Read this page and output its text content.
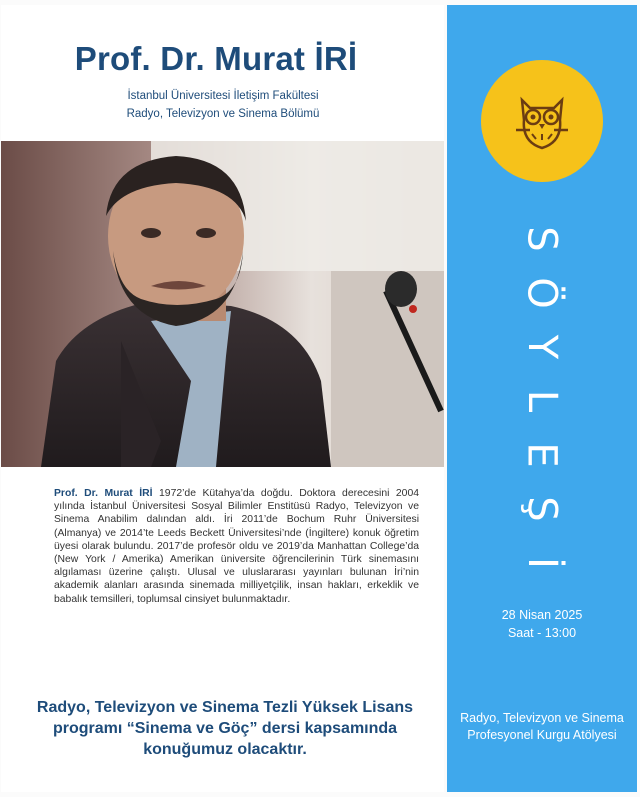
Prof. Dr. Murat İRİ
İstanbul Üniversitesi İletişim Fakültesi
Radyo, Televizyon ve Sinema Bölümü
Prof. Dr. Murat İRİ 1972’de Kütahya’da doğdu. Doktora derecesini 2004 yılında İstanbul Üniversitesi Sosyal Bilimler Enstitüsü Radyo, Televizyon ve Sinema Anabilim dalından aldı. İri 2011’de Bochum Ruhr Üniversitesi (Almanya) ve 2014’te Leeds Beckett Üniversitesi’nde (İngiltere) konuk öğretim üyesi olarak bulundu. 2017’de profesör oldu ve 2019’da Manhattan College’da (New York / Amerika) Amerikan üniversite öğrencilerinin Türk sinemasını algılaması üzerine çalıştı. Ulusal ve uluslararası yayınları bulunan İri’nin akademik alanları arasında sinemada milliyetçilik, insan hakları, erkeklik ve babalık temsilleri, toplumsal cinsiyet bulunmaktadır.
Radyo, Televizyon ve Sinema Tezli Yüksek Lisans programı “Sinema ve Göç” dersi kapsamında konuğumuz olacaktır.
S
Ö
Y
L
E
Ş
İ
28 Nisan 2025
Saat - 13:00
Radyo, Televizyon ve Sinema Profesyonel Kurgu Atölyesi
